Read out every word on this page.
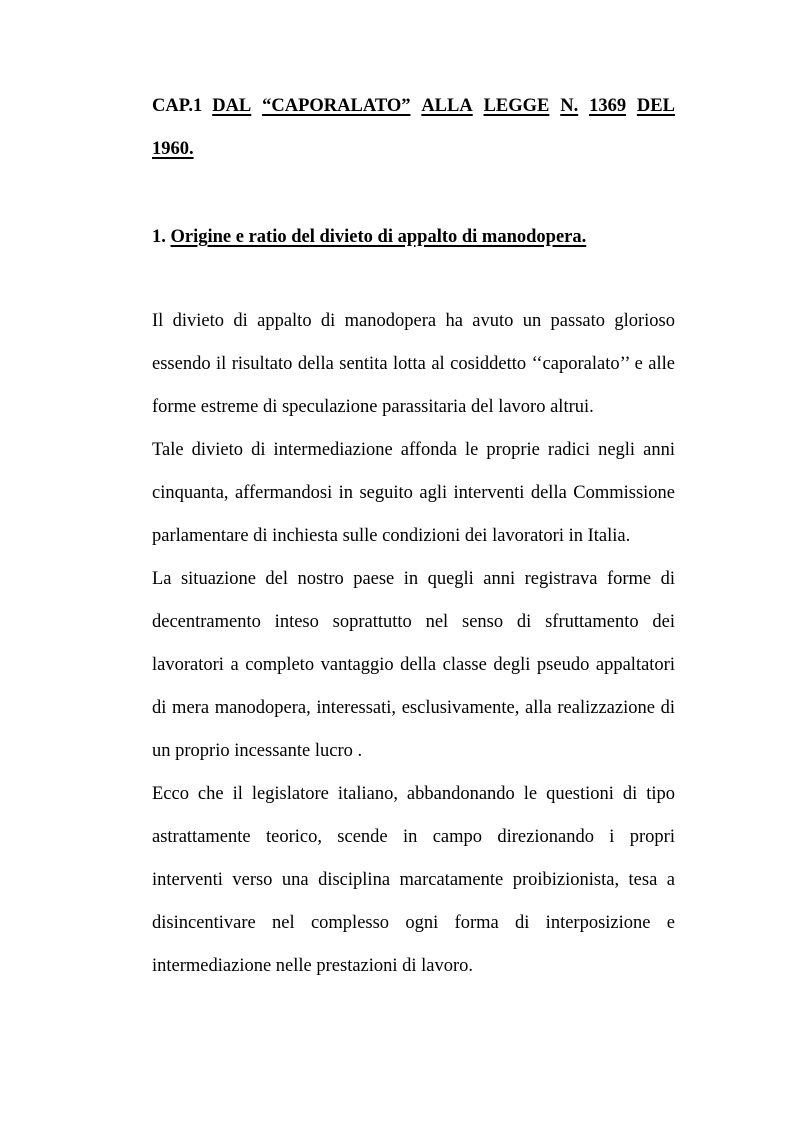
CAP.1 DAL “CAPORALATO” ALLA LEGGE N. 1369 DEL
1960.
1. Origine e ratio del divieto di appalto di manodopera.

Il divieto di appalto di manodopera ha avuto un passato glorioso essendo il risultato della sentita lotta al cosiddetto ‘‘caporalato’’ e alle forme estreme di speculazione parassitaria del lavoro altrui.

Tale divieto di intermediazione affonda le proprie radici negli anni cinquanta, affermandosi in seguito agli interventi della Commissione parlamentare di inchiesta sulle condizioni dei lavoratori in Italia.

La situazione del nostro paese in quegli anni registrava forme di decentramento inteso soprattutto nel senso di sfruttamento dei lavoratori a completo vantaggio della classe degli pseudo appaltatori di mera manodopera, interessati, esclusivamente, alla realizzazione di un proprio incessante lucro .

Ecco che il legislatore italiano, abbandonando le questioni di tipo astrattamente teorico, scende in campo direzionando i propri interventi verso una disciplina marcatamente proibizionista, tesa a disincentivare nel complesso ogni forma di interposizione e intermediazione nelle prestazioni di lavoro.
